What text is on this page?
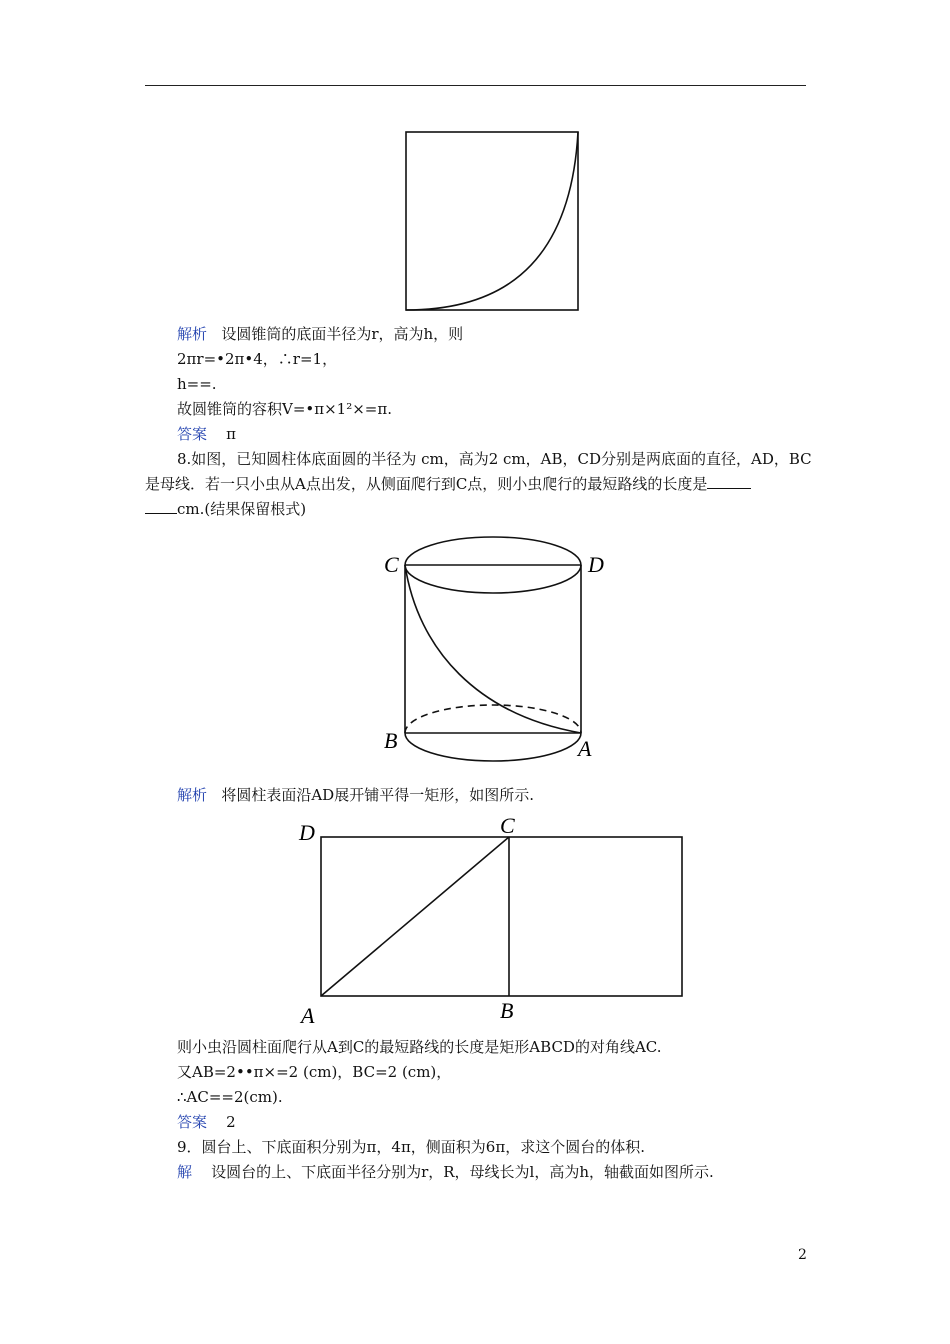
解析 设圆锥筒的底面半径为r，高为h，则
2πr=•2π•4，∴r=1，
h==.
故圆锥筒的容积V=•π×1²×=π.
答案 π
8.如图，已知圆柱体底面圆的半径为 cm，高为2 cm，AB，CD分别是两底面的直径，AD，BC
是母线．若一只小虫从A点出发，从侧面爬行到C点，则小虫爬行的最短路线的长度是
cm.(结果保留根式)
C	D
B	A
解析 将圆柱表面沿AD展开铺平得一矩形，如图所示.
D	C
A	B
则小虫沿圆柱面爬行从A到C的最短路线的长度是矩形ABCD的对角线AC.
又AB=2••π×=2 (cm)，BC=2 (cm)，
∴AC==2(cm).
答案 2
9．圆台上、下底面积分别为π，4π，侧面积为6π，求这个圆台的体积.
解 设圆台的上、下底面半径分别为r，R，母线长为l，高为h，轴截面如图所示.
2
